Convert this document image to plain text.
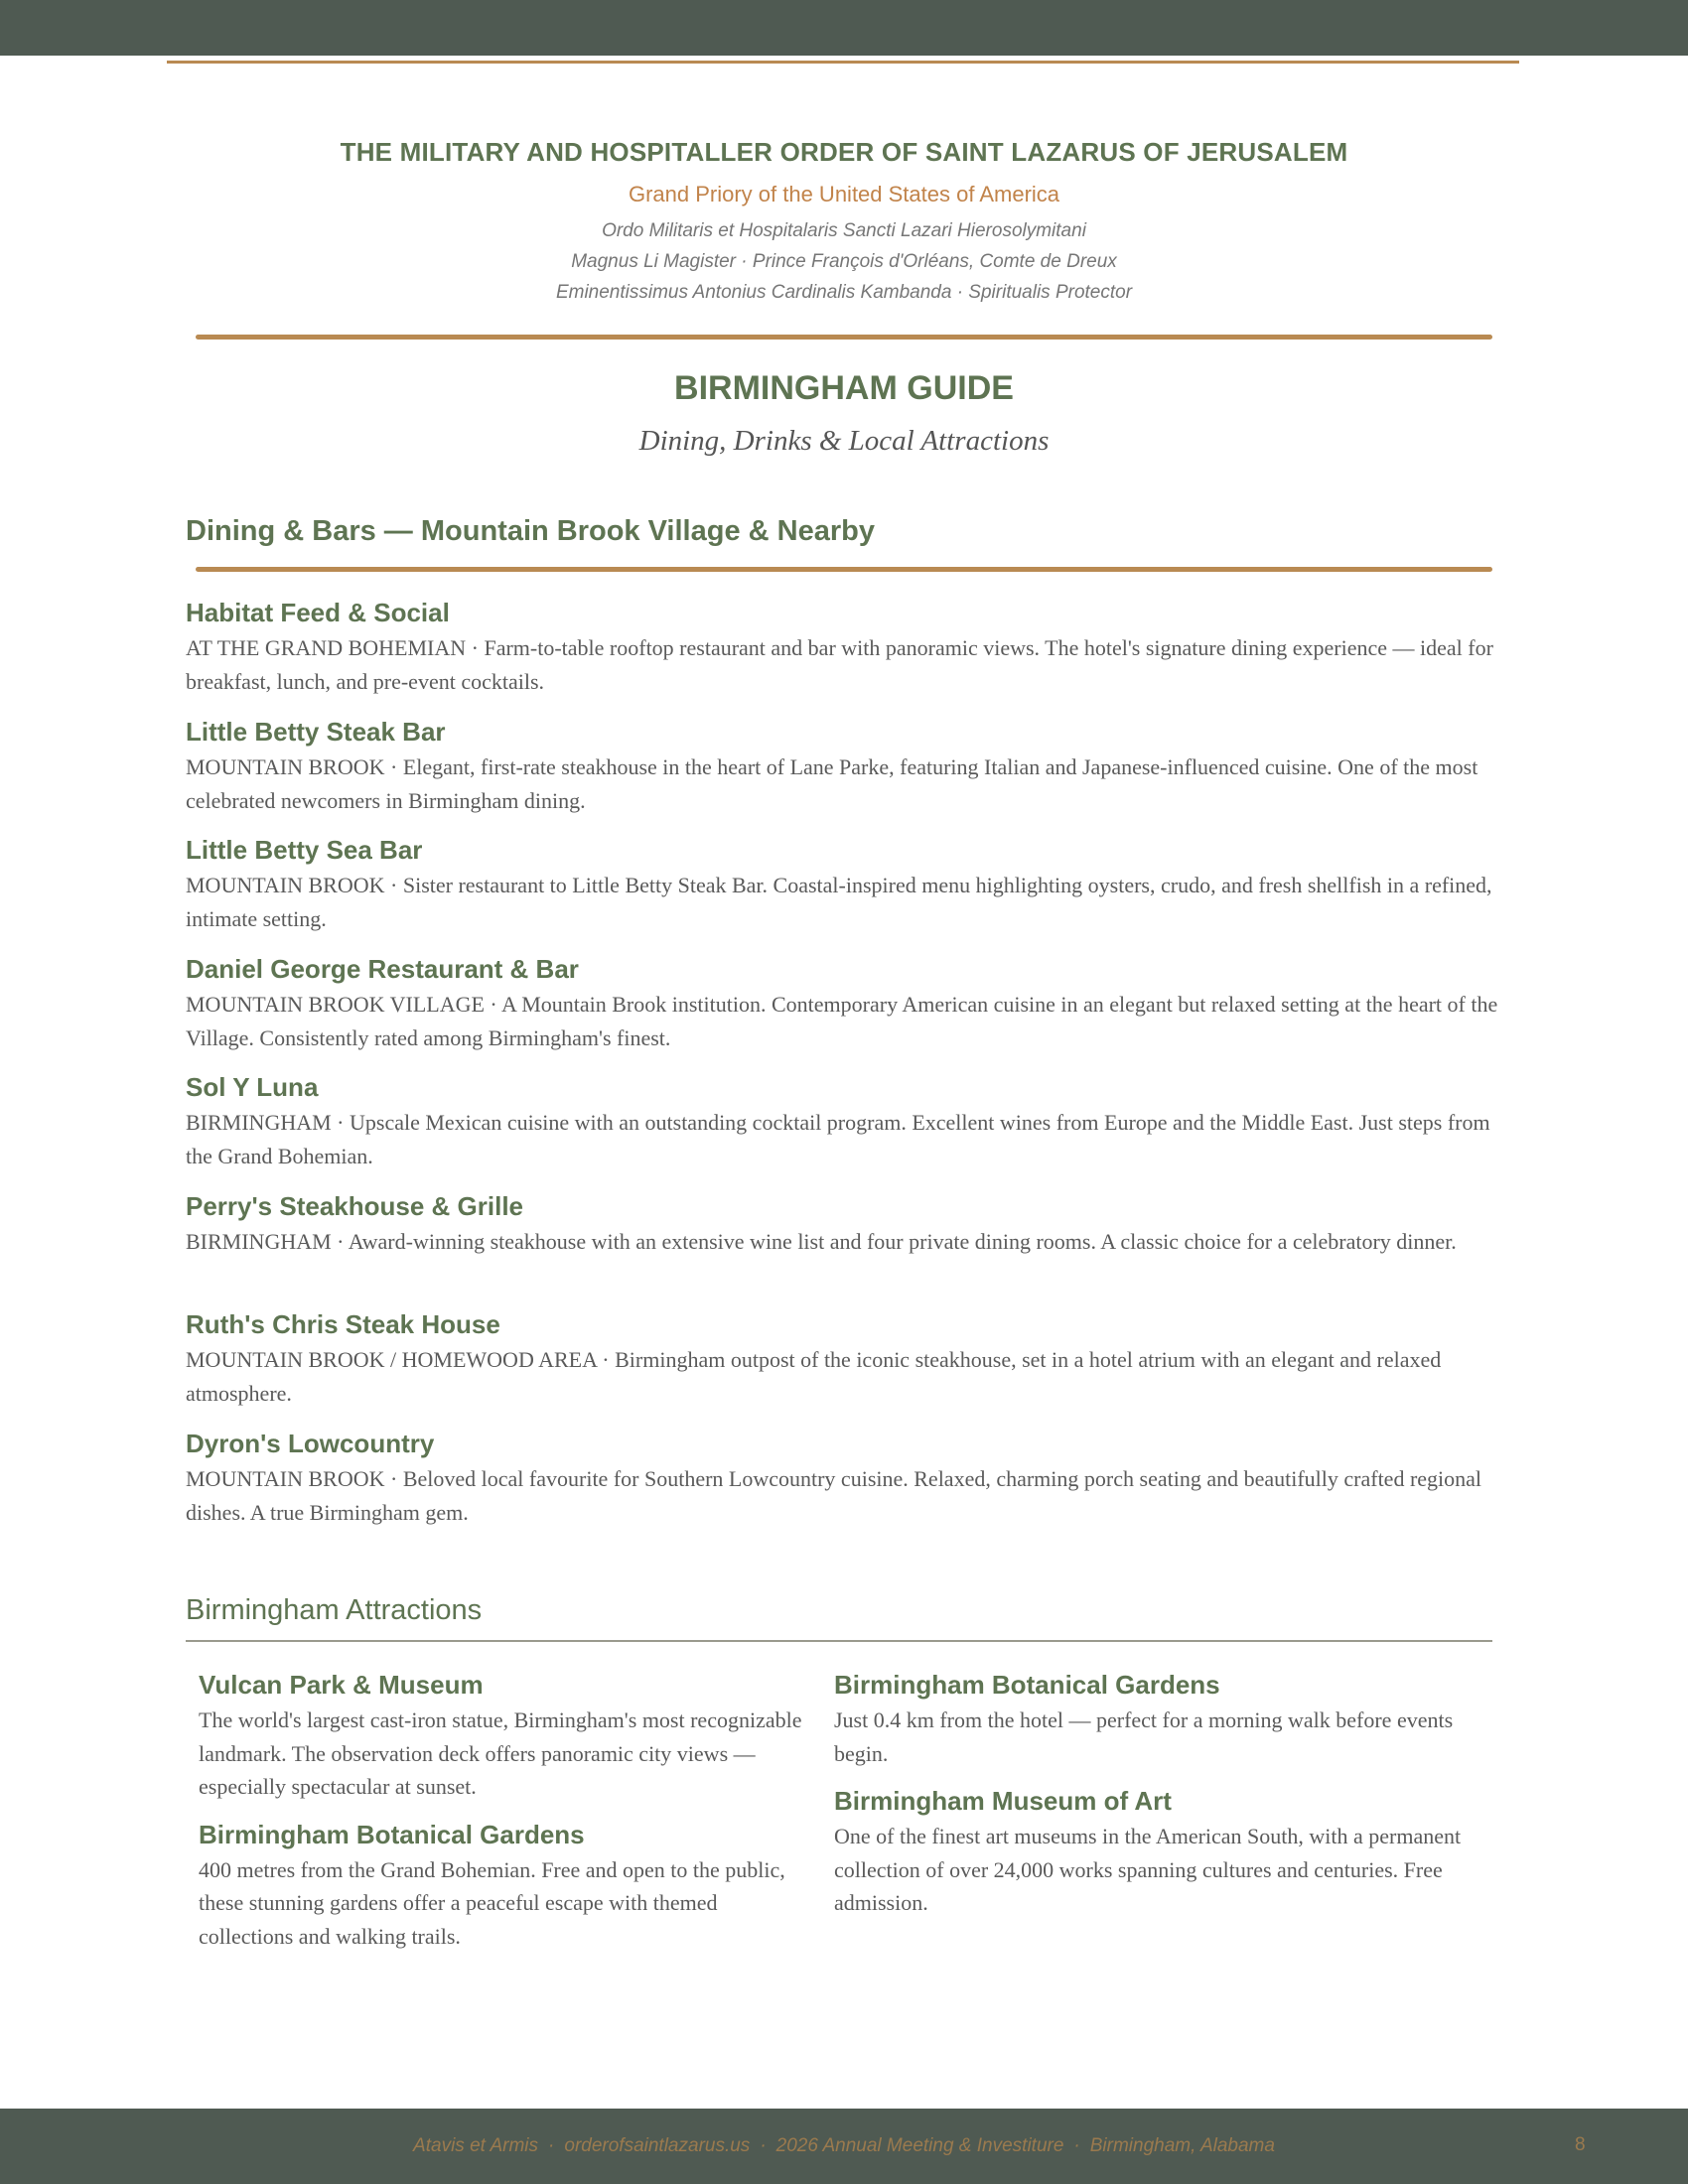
THE MILITARY AND HOSPITALLER ORDER OF SAINT LAZARUS OF JERUSALEM
Grand Priory of the United States of America
Ordo Militaris et Hospitalaris Sancti Lazari Hierosolymitani
Magnus Li Magister · Prince François d'Orléans, Comte de Dreux
Eminentissimus Antonius Cardinalis Kambanda · Spiritualis Protector
BIRMINGHAM GUIDE
Dining, Drinks & Local Attractions
Dining & Bars — Mountain Brook Village & Nearby
Habitat Feed & Social
AT THE GRAND BOHEMIAN · Farm-to-table rooftop restaurant and bar with panoramic views. The hotel's signature dining experience — ideal for breakfast, lunch, and pre-event cocktails.
Little Betty Steak Bar
MOUNTAIN BROOK · Elegant, first-rate steakhouse in the heart of Lane Parke, featuring Italian and Japanese-influenced cuisine. One of the most celebrated newcomers in Birmingham dining.
Little Betty Sea Bar
MOUNTAIN BROOK · Sister restaurant to Little Betty Steak Bar. Coastal-inspired menu highlighting oysters, crudo, and fresh shellfish in a refined, intimate setting.
Daniel George Restaurant & Bar
MOUNTAIN BROOK VILLAGE · A Mountain Brook institution. Contemporary American cuisine in an elegant but relaxed setting at the heart of the Village. Consistently rated among Birmingham's finest.
Sol Y Luna
BIRMINGHAM · Upscale Mexican cuisine with an outstanding cocktail program. Excellent wines from Europe and the Middle East. Just steps from the Grand Bohemian.
Perry's Steakhouse & Grille
BIRMINGHAM · Award-winning steakhouse with an extensive wine list and four private dining rooms. A classic choice for a celebratory dinner.
Ruth's Chris Steak House
MOUNTAIN BROOK / HOMEWOOD AREA · Birmingham outpost of the iconic steakhouse, set in a hotel atrium with an elegant and relaxed atmosphere.
Dyron's Lowcountry
MOUNTAIN BROOK · Beloved local favourite for Southern Lowcountry cuisine. Relaxed, charming porch seating and beautifully crafted regional dishes. A true Birmingham gem.
Birmingham Attractions
Vulcan Park & Museum
The world's largest cast-iron statue, Birmingham's most recognizable landmark. The observation deck offers panoramic city views — especially spectacular at sunset.
Birmingham Botanical Gardens
400 metres from the Grand Bohemian. Free and open to the public, these stunning gardens offer a peaceful escape with themed collections and walking trails.
Birmingham Botanical Gardens
Just 0.4 km from the hotel — perfect for a morning walk before events begin.
Birmingham Museum of Art
One of the finest art museums in the American South, with a permanent collection of over 24,000 works spanning cultures and centuries. Free admission.
Atavis et Armis · orderofsaintlazarus.us · 2026 Annual Meeting & Investiture · Birmingham, Alabama	8
